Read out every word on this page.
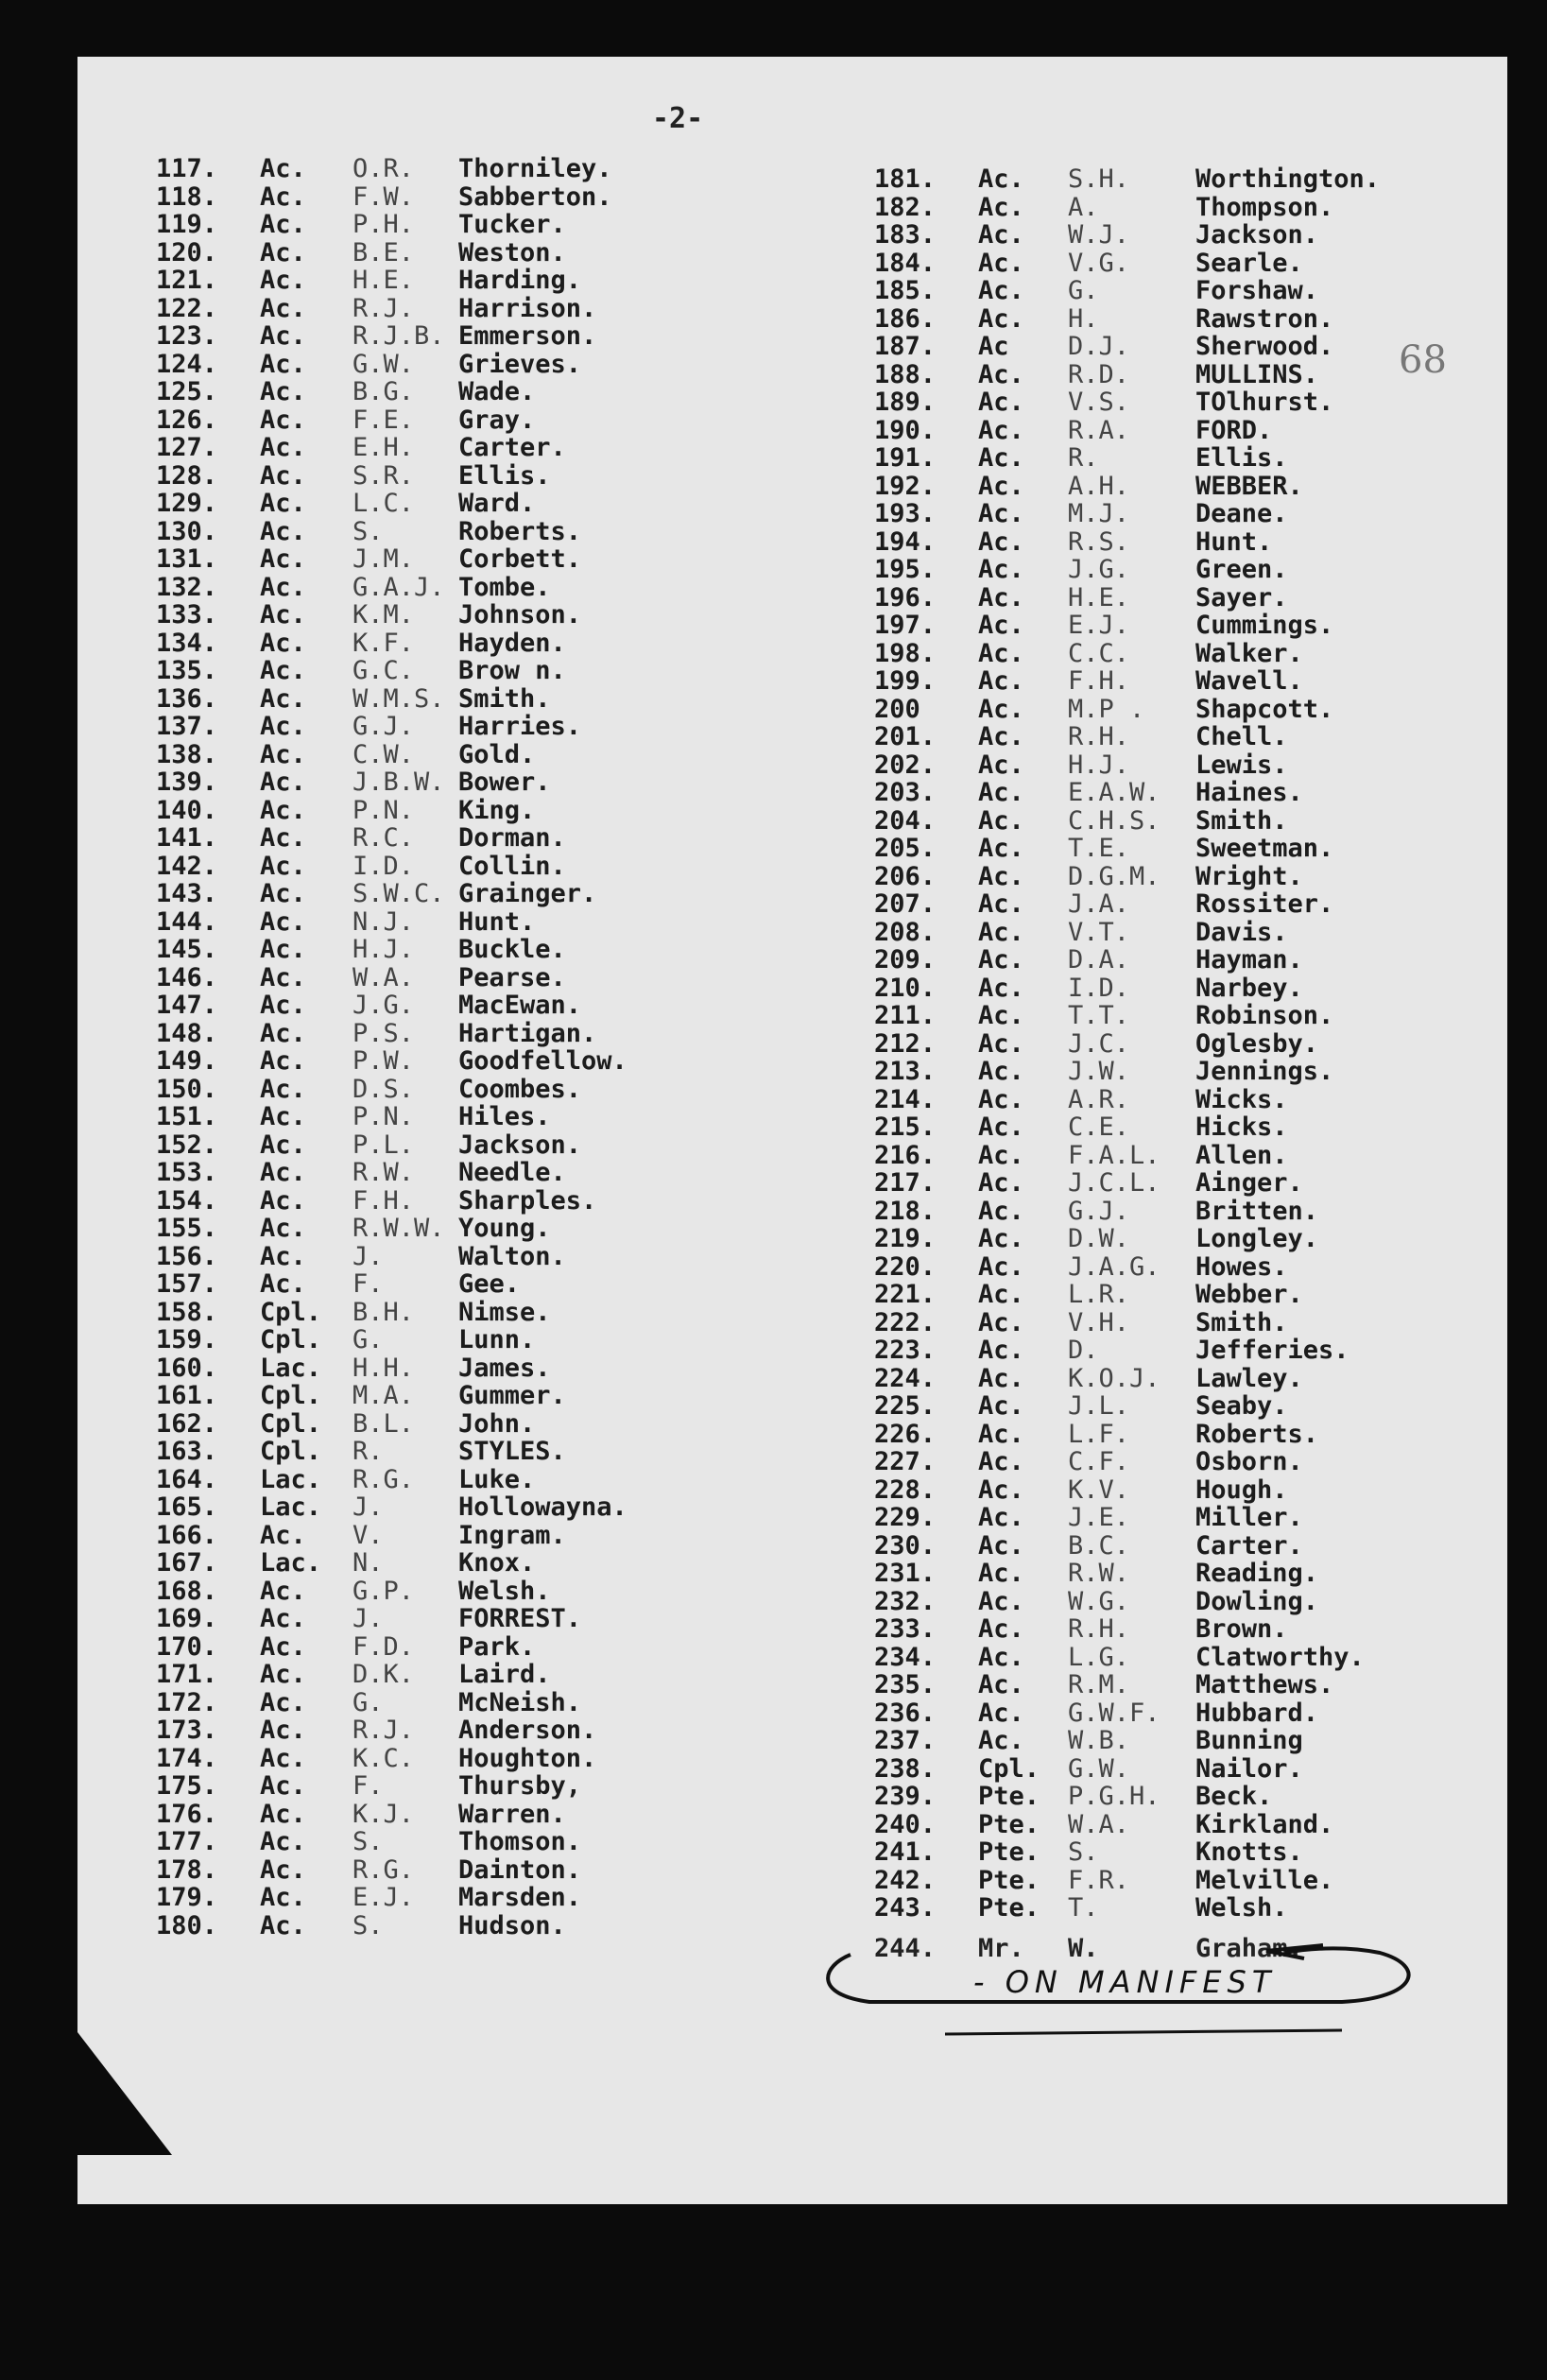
-2-
68
117. Ac. O.R. Thorniley.
118. Ac. F.W. Sabberton.
119. Ac. P.H. Tucker.
120. Ac. B.E. Weston.
121. Ac. H.E. Harding.
122. Ac. R.J. Harrison.
123. Ac. R.J.B. Emmerson.
124. Ac. G.W. Grieves.
125. Ac. B.G. Wade.
126. Ac. F.E. Gray.
127. Ac. E.H. Carter.
128. Ac. S.R. Ellis.
129. Ac. L.C. Ward.
130. Ac. S.	Roberts.
131. Ac. J.M. Corbett.
132. Ac. G.A.J. Tombe.
133. Ac. K.M. Johnson.
134. Ac. K.F. Hayden.
135. Ac. G.C. Brow n.
136. Ac. W.M.S. Smith.
137. Ac. G.J. Harries.
138. Ac. C.W. Gold.
139. Ac. J.B.W. Bower.
140. Ac. P.N. King.
141. Ac. R.C. Dorman.
142. Ac. I.D. Collin.
143. Ac. S.W.C. Grainger.
144. Ac. N.J. Hunt.
145. Ac. H.J. Buckle.
146. Ac. W.A. Pearse.
147. Ac. J.G. MacEwan.
148. Ac. P.S. Hartigan.
149. Ac. P.W. Goodfellow.
150. Ac. D.S. Coombes.
151. Ac. P.N. Hiles.
152. Ac. P.L. Jackson.
153. Ac. R.W. Needle.
154. Ac. F.H. Sharples.
155. Ac. R.W.W. Young.
156. Ac. J.	Walton.
157. Ac. F.	Gee.
158. Cpl. B.H. Nimse.
159. Cpl. G.	Lunn.
160. Lac. H.H. James.
161. Cpl. M.A. Gummer.
162. Cpl. B.L. John.
163. Cpl. R.	STYLES.
164. Lac. R.G. Luke.
165. Lac. J.	Hollowayna.
166. Ac. V.	Ingram.
167. Lac. N.	Knox.
168. Ac. G.P. Welsh.
169. Ac. J.	FORREST.
170. Ac. F.D. Park.
171. Ac. D.K. Laird.
172. Ac. G.	McNeish.
173. Ac. R.J. Anderson.
174. Ac. K.C. Houghton.
175. Ac. F.	Thursby,
176. Ac. K.J. Warren.
177. Ac. S.	Thomson.
178. Ac. R.G. Dainton.
179. Ac. E.J. Marsden.
180. Ac. S.	Hudson.
181. Ac. S.H.	Worthington.
182. Ac. A.	Thompson.
183. Ac. W.J.	Jackson.
184. Ac. V.G.	Searle.
185. Ac. G.	Forshaw.
186. Ac. H.	Rawstron.
187. Ac D.J.	Sherwood.
188. Ac. R.D.	MULLINS.
189. Ac. V.S.	TOlhurst.
190. Ac. R.A.	FORD.
191. Ac. R.	Ellis.
192. Ac. A.H.	WEBBER.
193. Ac. M.J.	Deane.
194. Ac. R.S.	Hunt.
195. Ac. J.G.	Green.
196. Ac. H.E.	Sayer.
197. Ac. E.J.	Cummings.
198. Ac. C.C.	Walker.
199. Ac. F.H.	Wavell.
200 Ac. M.P . Shapcott.
201. Ac. R.H.	Chell.
202. Ac. H.J.	Lewis.
203. Ac. E.A.W. Haines.
204. Ac. C.H.S. Smith.
205. Ac. T.E.	Sweetman.
206. Ac. D.G.M. Wright.
207. Ac. J.A.	Rossiter.
208. Ac. V.T.	Davis.
209. Ac. D.A.	Hayman.
210. Ac. I.D.	Narbey.
211. Ac. T.T.	Robinson.
212. Ac. J.C.	Oglesby.
213. Ac. J.W.	Jennings.
214. Ac. A.R.	Wicks.
215. Ac. C.E.	Hicks.
216. Ac. F.A.L. Allen.
217. Ac. J.C.L. Ainger.
218. Ac. G.J.	Britten.
219. Ac. D.W.	Longley.
220. Ac. J.A.G. Howes.
221. Ac. L.R.	Webber.
222. Ac. V.H.	Smith.
223. Ac. D.	Jefferies.
224. Ac. K.O.J. Lawley.
225. Ac. J.L.	Seaby.
226. Ac. L.F.	Roberts.
227. Ac. C.F.	Osborn.
228. Ac. K.V.	Hough.
229. Ac. J.E.	Miller.
230. Ac. B.C.	Carter.
231. Ac. R.W.	Reading.
232. Ac. W.G.	Dowling.
233. Ac. R.H.	Brown.
234. Ac. L.G.	Clatworthy.
235. Ac. R.M.	Matthews.
236. Ac. G.W.F. Hubbard.
237. Ac. W.B.	Bunning
238. Cpl. G.W.	Nailor.
239. Pte. P.G.H. Beck.
240. Pte. W.A.	Kirkland.
241. Pte. S.	Knotts.
242. Pte. F.R.	Melville.
243. Pte. T.	Welsh.
244. Mr. W.	Graham.
- ON MANIFEST
